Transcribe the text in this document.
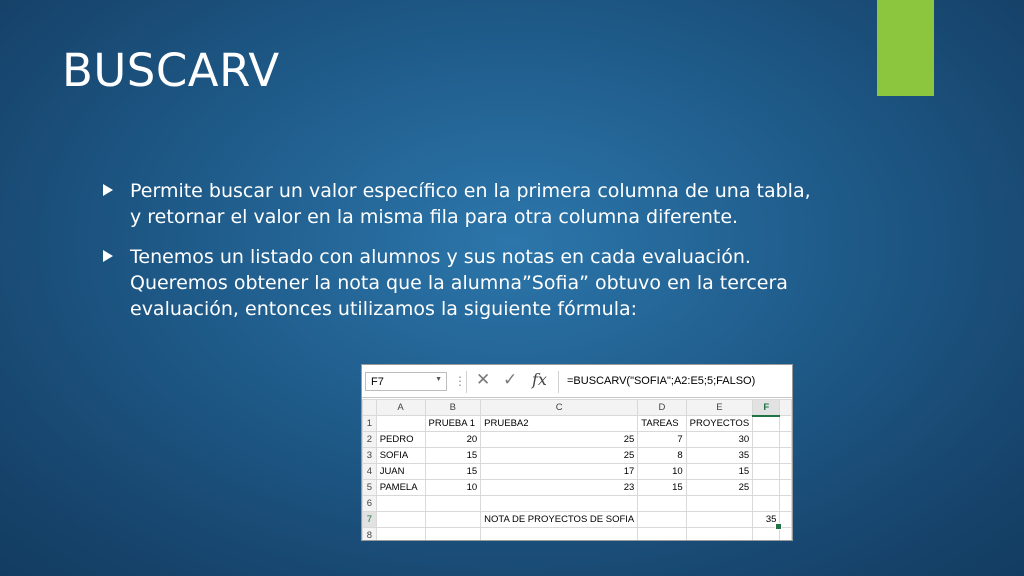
BUSCARV
Permite buscar un valor específico en la primera columna de una tabla, y retornar el valor en la misma fila para otra columna diferente.
Tenemos un listado con alumnos y sus notas en cada evaluación. Queremos obtener la nota que la alumna”Sofia” obtuvo en la tercera evaluación, entonces utilizamos la siguiente fórmula:
F7	▼ ⋮ ✕ ✓ fx =BUSCARV("SOFIA";A2:E5;5;FALSO)
	A	B	C	D	E	F	
1		PRUEBA 1	PRUEBA2	TAREAS	PROYECTOS		
2	PEDRO	20	25	7	30		
3	SOFIA	15	25	8	35		
4	JUAN	15	17	10	15		
5	PAMELA	10	23	15	25		
6							
7			NOTA DE PROYECTOS DE SOFIA			35	
8							
